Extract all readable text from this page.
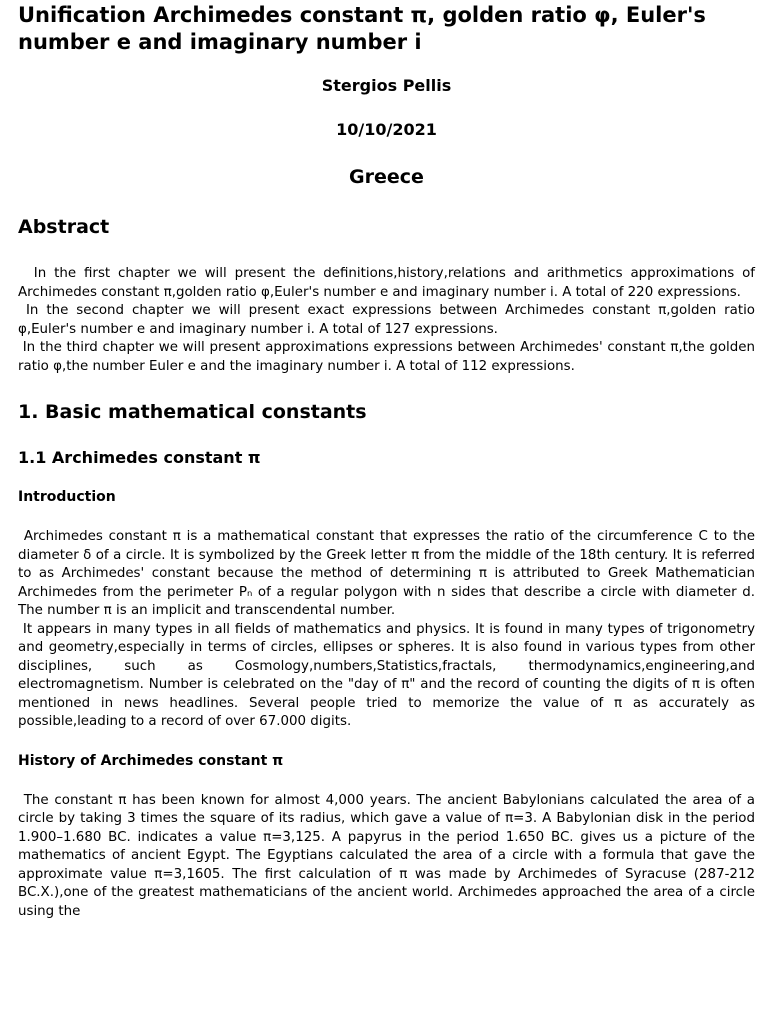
Unification Archimedes constant π, golden ratio φ, Euler's number e and imaginary number i

Stergios Pellis

10/10/2021

Greece

Abstract

In the first chapter we will present the definitions,history,relations and arithmetics approximations of Archimedes constant π,golden ratio φ,Euler's number e and imaginary number i. A total of 220 expressions.

In the second chapter we will present exact expressions between Archimedes constant π,golden ratio φ,Euler's number e and imaginary number i. A total of 127 expressions.

In the third chapter we will present approximations expressions between Archimedes' constant π,the golden ratio φ,the number Euler e and the imaginary number i. A total of 112 expressions.

1. Basic mathematical constants
1.1 Archimedes constant π
Introduction

Archimedes constant π is a mathematical constant that expresses the ratio of the circumference C to the diameter δ of a circle. It is symbolized by the Greek letter π from the middle of the 18th century. It is referred to as Archimedes' constant because the method of determining π is attributed to Greek Mathematician Archimedes from the perimeter Pₙ of a regular polygon with n sides that describe a circle with diameter d. The number π is an implicit and transcendental number.

It appears in many types in all fields of mathematics and physics. It is found in many types of trigonometry and geometry,especially in terms of circles, ellipses or spheres. It is also found in various types from other disciplines, such as Cosmology,numbers,Statistics,fractals, thermodynamics,engineering,and electromagnetism. Number is celebrated on the "day of π" and the record of counting the digits of π is often mentioned in news headlines. Several people tried to memorize the value of π as accurately as possible,leading to a record of over 67.000 digits.

History of Archimedes constant π

The constant π has been known for almost 4,000 years. The ancient Babylonians calculated the area of a circle by taking 3 times the square of its radius, which gave a value of π=3. A Babylonian disk in the period 1.900–1.680 BC. indicates a value π=3,125. A papyrus in the period 1.650 BC. gives us a picture of the mathematics of ancient Egypt. The Egyptians calculated the area of a circle with a formula that gave the approximate value π=3,1605. The first calculation of π was made by Archimedes of Syracuse (287-212 BC.X.),one of the greatest mathematicians of the ancient world. Archimedes approached the area of a circle using the
